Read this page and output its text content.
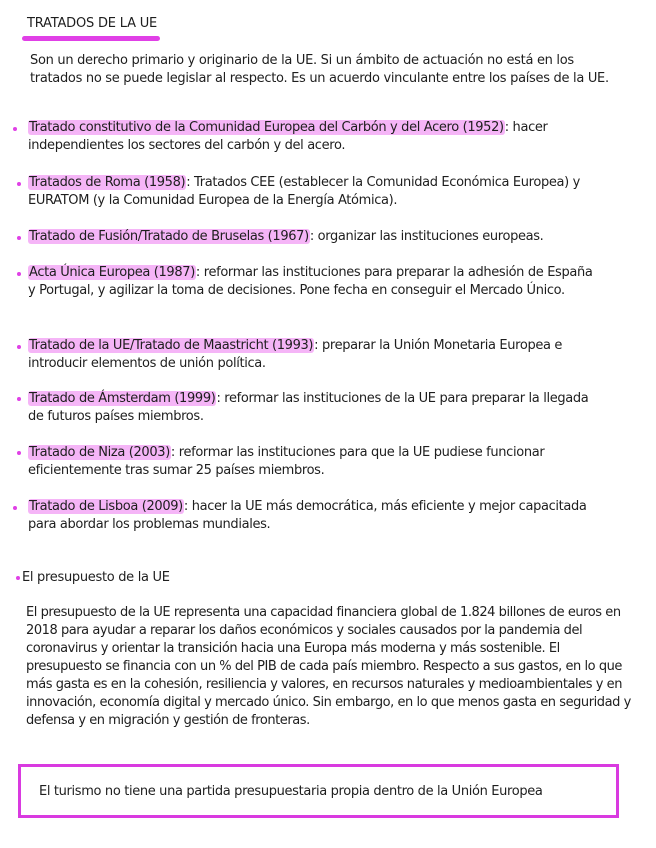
TRATADOS DE LA UE
Son un derecho primario y originario de la UE. Si un ámbito de actuación no está en los tratados no se puede legislar al respecto. Es un acuerdo vinculante entre los países de la UE.
Tratado constitutivo de la Comunidad Europea del Carbón y del Acero (1952): hacer independientes los sectores del carbón y del acero.
Tratados de Roma (1958): Tratados CEE (establecer la Comunidad Económica Europea) y EURATOM (y la Comunidad Europea de la Energía Atómica).
Tratado de Fusión/Tratado de Bruselas (1967): organizar las instituciones europeas.
Acta Única Europea (1987): reformar las instituciones para preparar la adhesión de España y Portugal, y agilizar la toma de decisiones. Pone fecha en conseguir el Mercado Único.
Tratado de la UE/Tratado de Maastricht (1993): preparar la Unión Monetaria Europea e introducir elementos de unión política.
Tratado de Ámsterdam (1999): reformar las instituciones de la UE para preparar la llegada de futuros países miembros.
Tratado de Niza (2003): reformar las instituciones para que la UE pudiese funcionar eficientemente tras sumar 25 países miembros.
Tratado de Lisboa (2009): hacer la UE más democrática, más eficiente y mejor capacitada para abordar los problemas mundiales.
El presupuesto de la UE
El presupuesto de la UE representa una capacidad financiera global de 1.824 billones de euros en 2018 para ayudar a reparar los daños económicos y sociales causados por la pandemia del coronavirus y orientar la transición hacia una Europa más moderna y más sostenible. El presupuesto se financia con un % del PIB de cada país miembro. Respecto a sus gastos, en lo que más gasta es en la cohesión, resiliencia y valores, en recursos naturales y medioambientales y en innovación, economía digital y mercado único. Sin embargo, en lo que menos gasta en seguridad y defensa y en migración y gestión de fronteras.
El turismo no tiene una partida presupuestaria propia dentro de la Unión Europea
